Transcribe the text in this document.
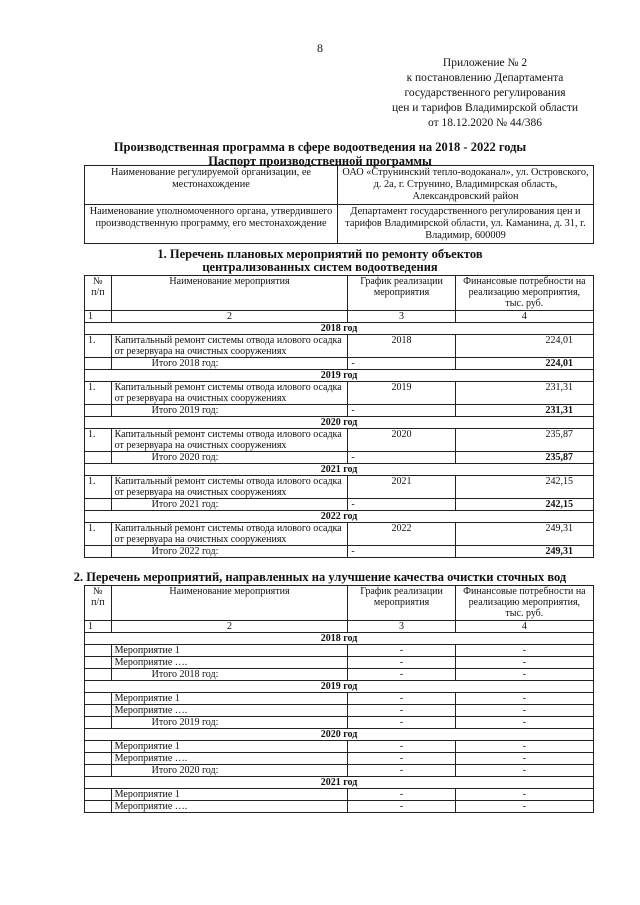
8
Приложение № 2
к постановлению Департамента
государственного регулирования
цен и тарифов Владимирской области
от 18.12.2020 № 44/386
Производственная программа в сфере водоотведения на 2018 - 2022 годы
Паспорт производственной программы
Наименование регулируемой организации, ее местонахождение	ОАО «Струнинский тепло-водоканал», ул. Островского, д. 2а, г. Струнино, Владимирская область, Александровский район
Наименование уполномоченного органа, утвердившего производственную программу, его местонахождение	Департамент государственного регулирования цен и тарифов Владимирской области, ул. Каманина, д. 31, г. Владимир, 600009
1. Перечень плановых мероприятий по ремонту объектов централизованных систем водоотведения
№ п/п	Наименование мероприятия	График реализации мероприятия	Финансовые потребности на реализацию мероприятия, тыс. руб.
1	2	3	4
2018 год			
1.	Капитальный ремонт системы отвода илового осадка от резервуара на очистных сооружениях	2018	224,01
	Итого 2018 год:	-	224,01
2019 год			
1.	Капитальный ремонт системы отвода илового осадка от резервуара на очистных сооружениях	2019	231,31
	Итого 2019 год:	-	231,31
2020 год			
1.	Капитальный ремонт системы отвода илового осадка от резервуара на очистных сооружениях	2020	235,87
	Итого 2020 год:	-	235,87
2021 год			
1.	Капитальный ремонт системы отвода илового осадка от резервуара на очистных сооружениях	2021	242,15
	Итого 2021 год:	-	242,15
2022 год			
1.	Капитальный ремонт системы отвода илового осадка от резервуара на очистных сооружениях	2022	249,31
	Итого 2022 год:	-	249,31
2. Перечень мероприятий, направленных на улучшение качества очистки сточных вод
№ п/п	Наименование мероприятия	График реализации мероприятия	Финансовые потребности на реализацию мероприятия, тыс. руб.
1	2	3	4
2018 год			
	Мероприятие 1	-	-
	Мероприятие ….	-	-
	Итого 2018 год:	-	-
2019 год			
	Мероприятие 1	-	-
	Мероприятие ….	-	-
	Итого 2019 год:	-	-
2020 год			
	Мероприятие 1	-	-
	Мероприятие ….	-	-
	Итого 2020 год:	-	-
2021 год			
	Мероприятие 1	-	-
	Мероприятие ….	-	-
